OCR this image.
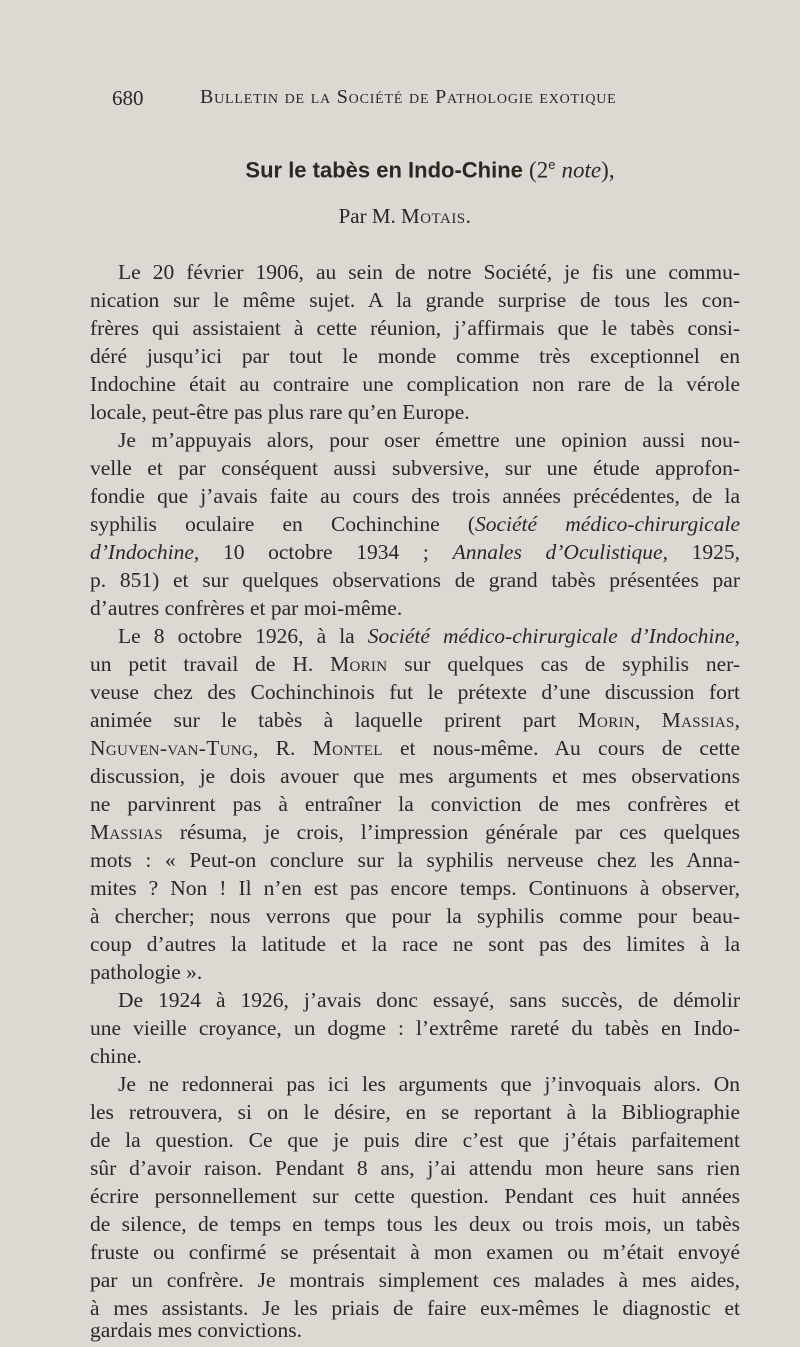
680	Bulletin de la Société de Pathologie exotique
Sur le tabès en Indo-Chine (2e note),
Par M. Motais.
Le 20 février 1906, au sein de notre Société, je fis une commu-
nication sur le même sujet. A la grande surprise de tous les con-
frères qui assistaient à cette réunion, j’affirmais que le tabès consi-
déré jusqu’ici par tout le monde comme très exceptionnel en
Indochine était au contraire une complication non rare de la vérole
locale, peut-être pas plus rare qu’en Europe.
Je m’appuyais alors, pour oser émettre une opinion aussi nou-
velle et par conséquent aussi subversive, sur une étude approfon-
fondie que j’avais faite au cours des trois années précédentes, de la
syphilis oculaire en Cochinchine (Société médico-chirurgicale
d’Indochine, 10 octobre 1934 ; Annales d’Oculistique, 1925,
p. 851) et sur quelques observations de grand tabès présentées par
d’autres confrères et par moi-même.
Le 8 octobre 1926, à la Société médico-chirurgicale d’Indochine,
un petit travail de H. Morin sur quelques cas de syphilis ner-
veuse chez des Cochinchinois fut le prétexte d’une discussion fort
animée sur le tabès à laquelle prirent part Morin, Massias,
Nguven-van-Tung, R. Montel et nous-même. Au cours de cette
discussion, je dois avouer que mes arguments et mes observations
ne parvinrent pas à entraîner la conviction de mes confrères et
Massias résuma, je crois, l’impression générale par ces quelques
mots : « Peut-on conclure sur la syphilis nerveuse chez les Anna-
mites ? Non ! Il n’en est pas encore temps. Continuons à observer,
à chercher; nous verrons que pour la syphilis comme pour beau-
coup d’autres la latitude et la race ne sont pas des limites à la
pathologie ».
De 1924 à 1926, j’avais donc essayé, sans succès, de démolir
une vieille croyance, un dogme : l’extrême rareté du tabès en Indo-
chine.
Je ne redonnerai pas ici les arguments que j’invoquais alors. On
les retrouvera, si on le désire, en se reportant à la Bibliographie
de la question. Ce que je puis dire c’est que j’étais parfaitement
sûr d’avoir raison. Pendant 8 ans, j’ai attendu mon heure sans rien
écrire personnellement sur cette question. Pendant ces huit années
de silence, de temps en temps tous les deux ou trois mois, un tabès
fruste ou confirmé se présentait à mon examen ou m’était envoyé
par un confrère. Je montrais simplement ces malades à mes aides,
à mes assistants. Je les priais de faire eux-mêmes le diagnostic et
gardais mes convictions.
